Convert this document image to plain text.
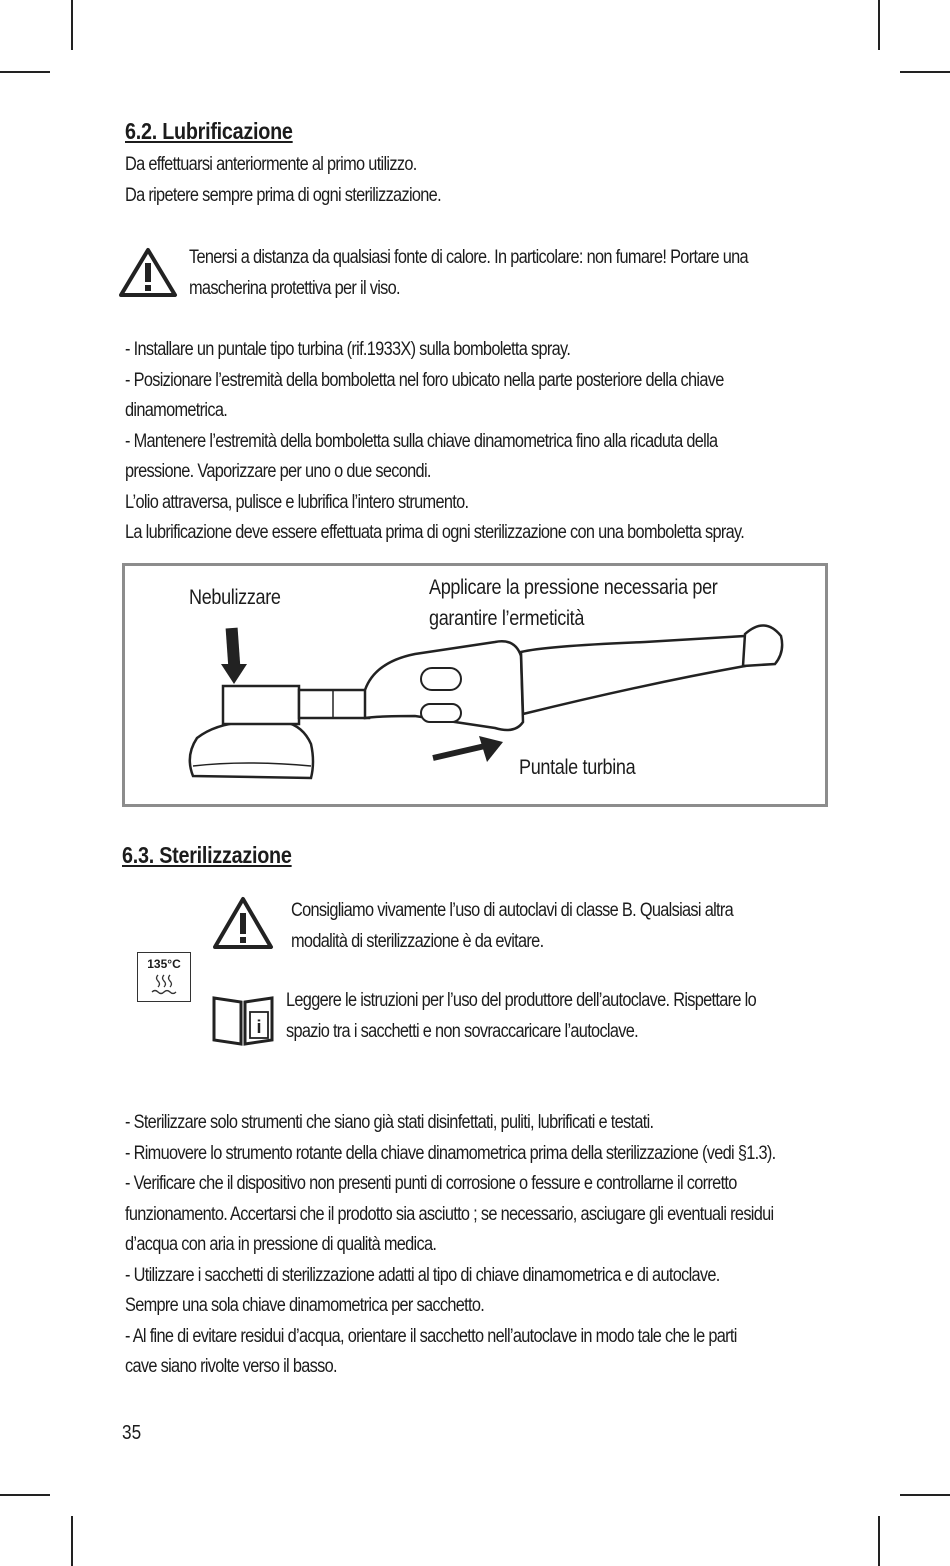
6.2. Lubrificazione
Da effettuarsi anteriormente al primo utilizzo.
Da ripetere sempre prima di ogni sterilizzazione.
Tenersi a distanza da qualsiasi fonte di calore. In particolare: non fumare! Portare una
mascherina protettiva per il viso.
- Installare un puntale tipo turbina (rif.1933X) sulla bomboletta spray.
- Posizionare l’estremità della bomboletta nel foro ubicato nella parte posteriore della chiave
dinamometrica.
- Mantenere l’estremità della bomboletta sulla chiave dinamometrica fino alla ricaduta della
pressione. Vaporizzare per uno o due secondi.
L’olio attraversa, pulisce e lubrifica l’intero strumento.
La lubrificazione deve essere effettuata prima di ogni sterilizzazione con una bomboletta spray.
Nebulizzare	Applicare la pressione necessaria per
garantire l’ermeticità
Puntale turbina
6.3. Sterilizzazione
135°C
Consigliamo vivamente l’uso di autoclavi di classe B. Qualsiasi altra
modalità di sterilizzazione è da evitare.
i
Leggere le istruzioni per l’uso del produttore dell’autoclave. Rispettare lo
spazio tra i sacchetti e non sovraccaricare l’autoclave.
- Sterilizzare solo strumenti che siano già stati disinfettati, puliti, lubrificati e testati.
- Rimuovere lo strumento rotante della chiave dinamometrica prima della sterilizzazione (vedi §1.3).
- Verificare che il dispositivo non presenti punti di corrosione o fessure e controllarne il corretto
funzionamento. Accertarsi che il prodotto sia asciutto ; se necessario, asciugare gli eventuali residui
d’acqua con aria in pressione di qualità medica.
- Utilizzare i sacchetti di sterilizzazione adatti al tipo di chiave dinamometrica e di autoclave.
Sempre una sola chiave dinamometrica per sacchetto.
- Al fine di evitare residui d’acqua, orientare il sacchetto nell’autoclave in modo tale che le parti
cave siano rivolte verso il basso.
35
